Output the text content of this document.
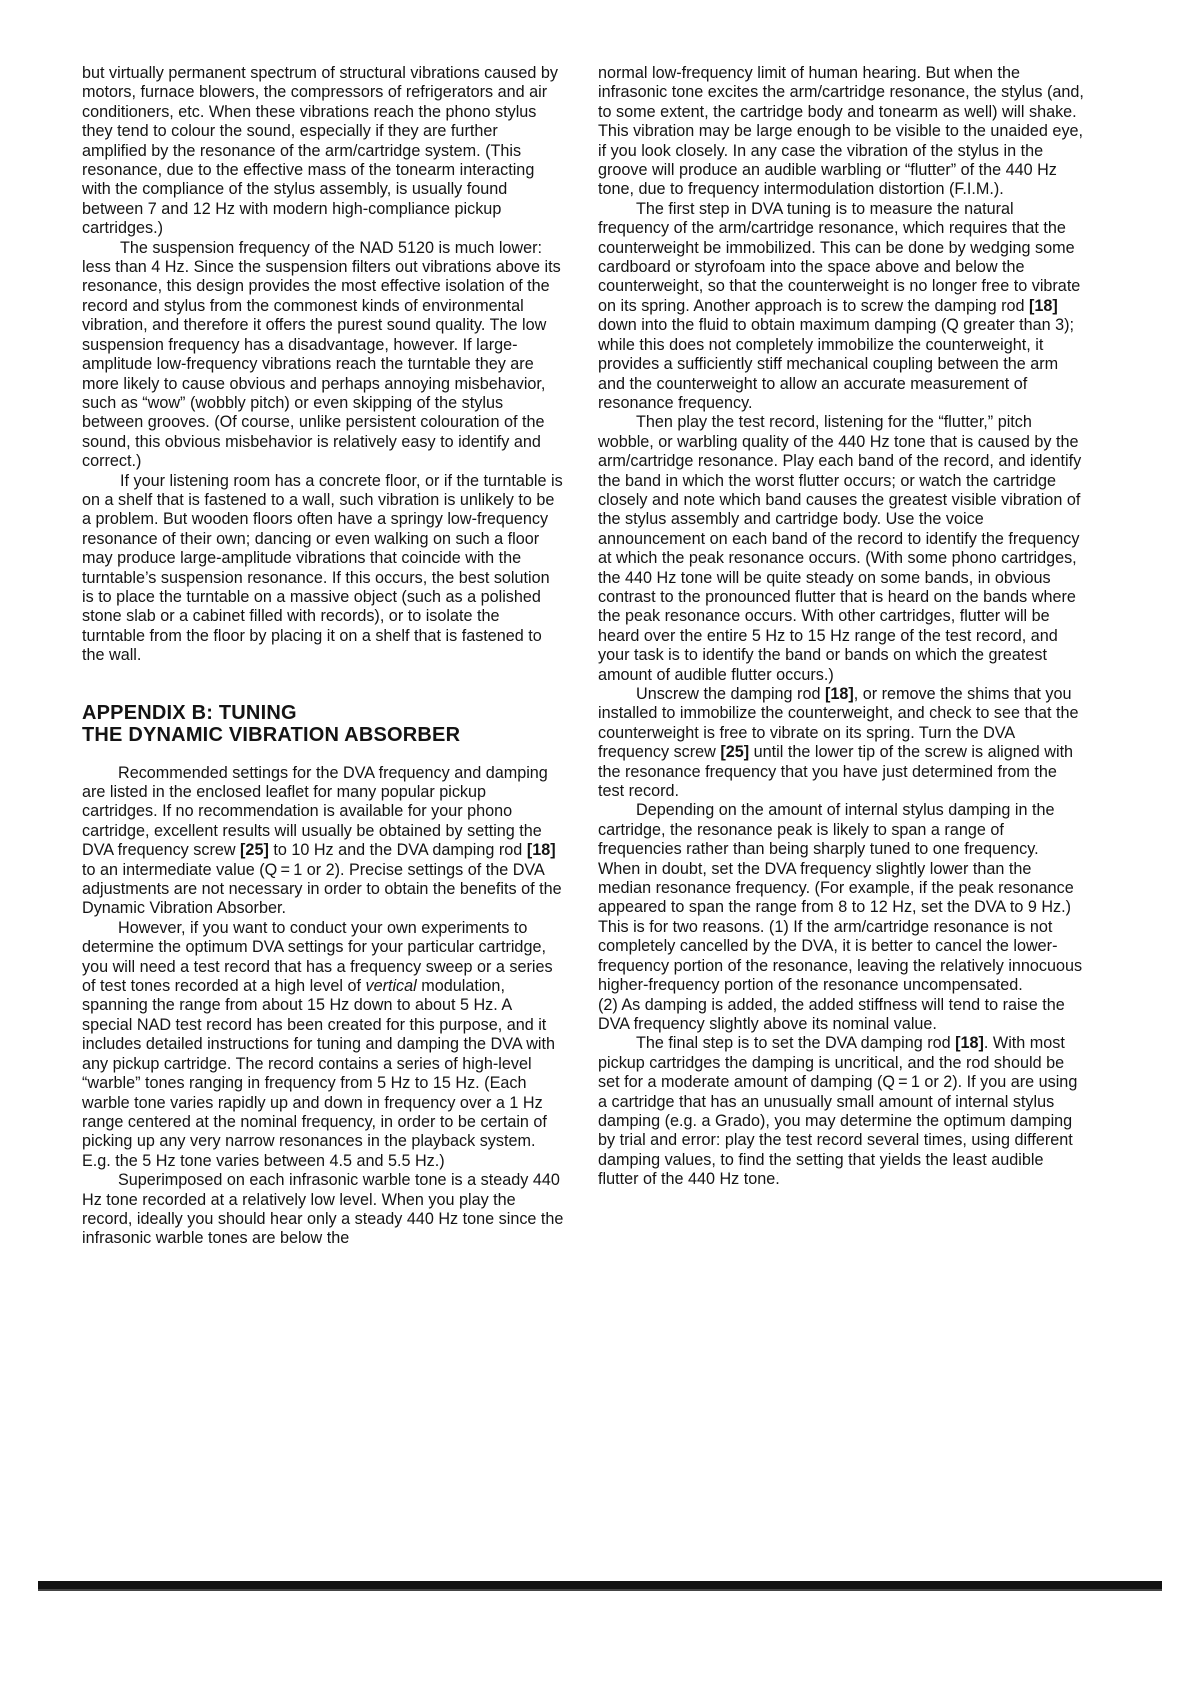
but virtually permanent spectrum of structural vibrations caused by motors, furnace blowers, the compressors of refrigerators and air conditioners, etc. When these vibrations reach the phono stylus they tend to colour the sound, especially if they are further amplified by the resonance of the arm/cartridge system. (This resonance, due to the effective mass of the tonearm interacting with the compliance of the stylus assembly, is usually found between 7 and 12 Hz with modern high-compliance pickup cartridges.)

The suspension frequency of the NAD 5120 is much lower: less than 4 Hz. Since the suspension filters out vibrations above its resonance, this design provides the most effective isolation of the record and stylus from the commonest kinds of environmental vibration, and therefore it offers the purest sound quality. The low suspension frequency has a disadvantage, however. If large-amplitude low-frequency vibrations reach the turntable they are more likely to cause obvious and perhaps annoying misbehavior, such as “wow” (wobbly pitch) or even skipping of the stylus between grooves. (Of course, unlike persistent colouration of the sound, this obvious misbehavior is relatively easy to identify and correct.)

If your listening room has a concrete floor, or if the turntable is on a shelf that is fastened to a wall, such vibration is unlikely to be a problem. But wooden floors often have a springy low-frequency resonance of their own; dancing or even walking on such a floor may produce large-amplitude vibrations that coincide with the turntable’s suspension resonance. If this occurs, the best solution is to place the turntable on a massive object (such as a polished stone slab or a cabinet filled with records), or to isolate the turntable from the floor by placing it on a shelf that is fastened to the wall.

APPENDIX B: TUNING
THE DYNAMIC VIBRATION ABSORBER

Recommended settings for the DVA frequency and damping are listed in the enclosed leaflet for many popular pickup cartridges. If no recommendation is available for your phono cartridge, excellent results will usually be obtained by setting the DVA frequency screw [25] to 10 Hz and the DVA damping rod [18] to an intermediate value (Q = 1 or 2). Precise settings of the DVA adjustments are not necessary in order to obtain the benefits of the Dynamic Vibration Absorber.

However, if you want to conduct your own experiments to determine the optimum DVA settings for your particular cartridge, you will need a test record that has a frequency sweep or a series of test tones recorded at a high level of vertical modulation, spanning the range from about 15 Hz down to about 5 Hz. A special NAD test record has been created for this purpose, and it includes detailed instructions for tuning and damping the DVA with any pickup cartridge. The record contains a series of high-level “warble” tones ranging in frequency from 5 Hz to 15 Hz. (Each warble tone varies rapidly up and down in frequency over a 1 Hz range centered at the nominal frequency, in order to be certain of picking up any very narrow resonances in the playback system. E.g. the 5 Hz tone varies between 4.5 and 5.5 Hz.)

Superimposed on each infrasonic warble tone is a steady 440 Hz tone recorded at a relatively low level. When you play the record, ideally you should hear only a steady 440 Hz tone since the infrasonic warble tones are below the

normal low-frequency limit of human hearing. But when the infrasonic tone excites the arm/cartridge resonance, the stylus (and, to some extent, the cartridge body and tonearm as well) will shake. This vibration may be large enough to be visible to the unaided eye, if you look closely. In any case the vibration of the stylus in the groove will produce an audible warbling or “flutter” of the 440 Hz tone, due to frequency intermodulation distortion (F.I.M.).

The first step in DVA tuning is to measure the natural frequency of the arm/cartridge resonance, which requires that the counterweight be immobilized. This can be done by wedging some cardboard or styrofoam into the space above and below the counterweight, so that the counterweight is no longer free to vibrate on its spring. Another approach is to screw the damping rod [18] down into the fluid to obtain maximum damping (Q greater than 3); while this does not completely immobilize the counterweight, it provides a sufficiently stiff mechanical coupling between the arm and the counterweight to allow an accurate measurement of resonance frequency.

Then play the test record, listening for the “flutter,” pitch wobble, or warbling quality of the 440 Hz tone that is caused by the arm/cartridge resonance. Play each band of the record, and identify the band in which the worst flutter occurs; or watch the cartridge closely and note which band causes the greatest visible vibration of the stylus assembly and cartridge body. Use the voice announcement on each band of the record to identify the frequency at which the peak resonance occurs. (With some phono cartridges, the 440 Hz tone will be quite steady on some bands, in obvious contrast to the pronounced flutter that is heard on the bands where the peak resonance occurs. With other cartridges, flutter will be heard over the entire 5 Hz to 15 Hz range of the test record, and your task is to identify the band or bands on which the greatest amount of audible flutter occurs.)

Unscrew the damping rod [18], or remove the shims that you installed to immobilize the counterweight, and check to see that the counterweight is free to vibrate on its spring. Turn the DVA frequency screw [25] until the lower tip of the screw is aligned with the resonance frequency that you have just determined from the test record.

Depending on the amount of internal stylus damping in the cartridge, the resonance peak is likely to span a range of frequencies rather than being sharply tuned to one frequency. When in doubt, set the DVA frequency slightly lower than the median resonance frequency. (For example, if the peak resonance appeared to span the range from 8 to 12 Hz, set the DVA to 9 Hz.) This is for two reasons. (1) If the arm/cartridge resonance is not completely cancelled by the DVA, it is better to cancel the lower-frequency portion of the resonance, leaving the relatively innocuous higher-frequency portion of the resonance uncompensated.

(2) As damping is added, the added stiffness will tend to raise the DVA frequency slightly above its nominal value.

The final step is to set the DVA damping rod [18]. With most pickup cartridges the damping is uncritical, and the rod should be set for a moderate amount of damping (Q = 1 or 2). If you are using a cartridge that has an unusually small amount of internal stylus damping (e.g. a Grado), you may determine the optimum damping by trial and error: play the test record several times, using different damping values, to find the setting that yields the least audible flutter of the 440 Hz tone.
